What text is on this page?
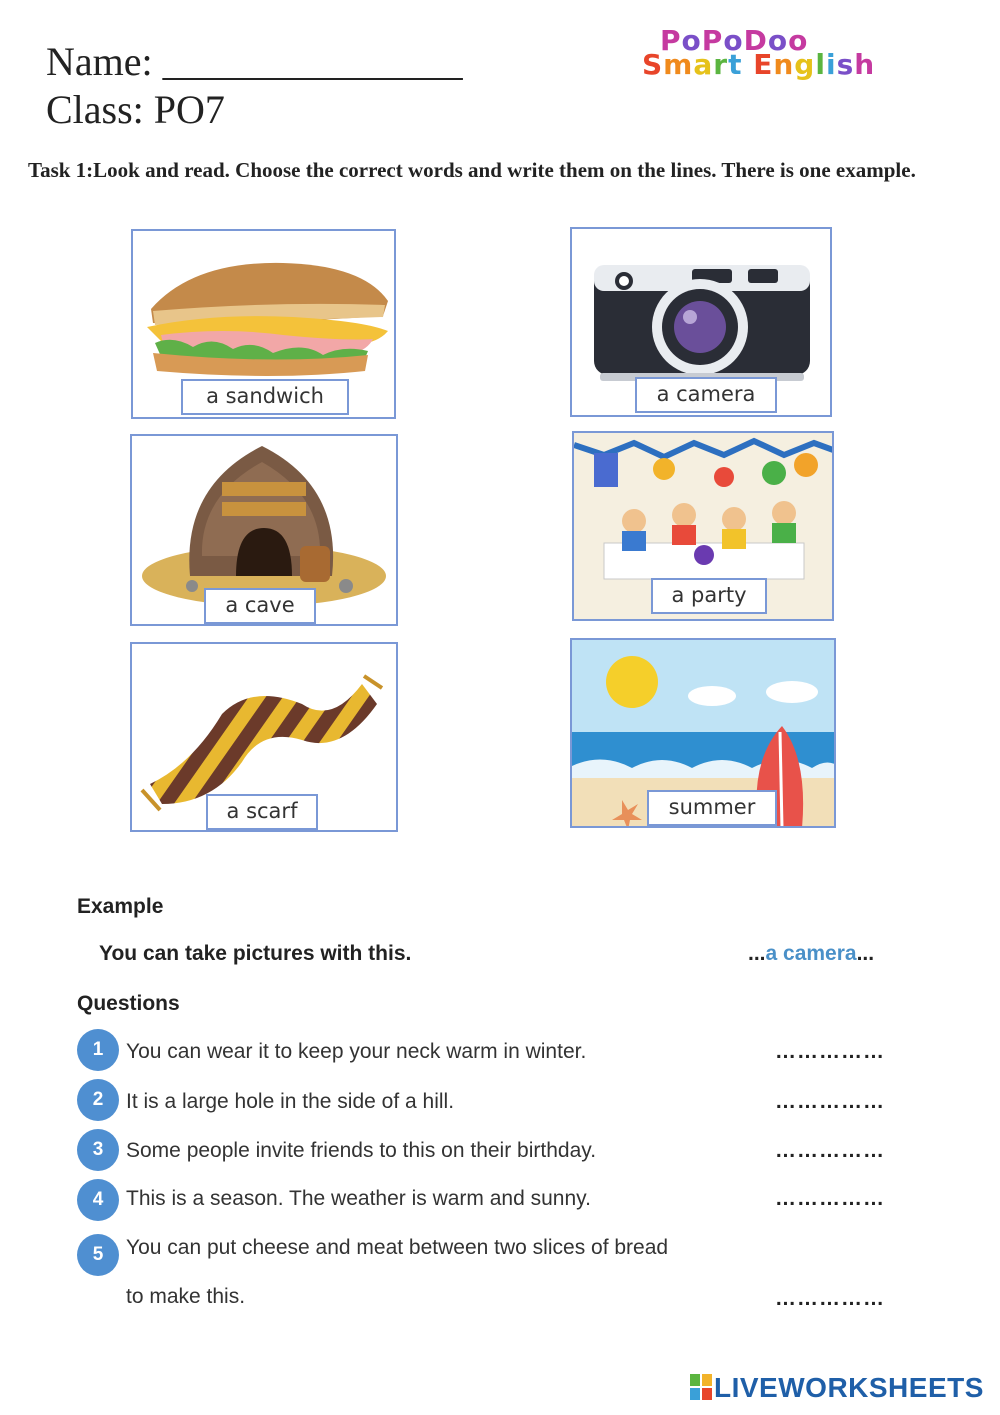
Name: _______________
Class: PO7
PoPoDoo
Smart English
Task 1:Look and read. Choose the correct words and write them on the lines. There is one example.
a sandwich	a camera
a cave	a party
a scarf	summer
Example
You can take pictures with this.	...a camera...
Questions
1	You can wear it to keep your neck warm in winter.	……………
2	It is a large hole in the side of a hill.	……………
3	Some people invite friends to this on their birthday.	……………
4	This is a season. The weather is warm and sunny.	……………
5	You can put cheese and meat between two slices of bread
to make this.	……………
LIVEWORKSHEETS
